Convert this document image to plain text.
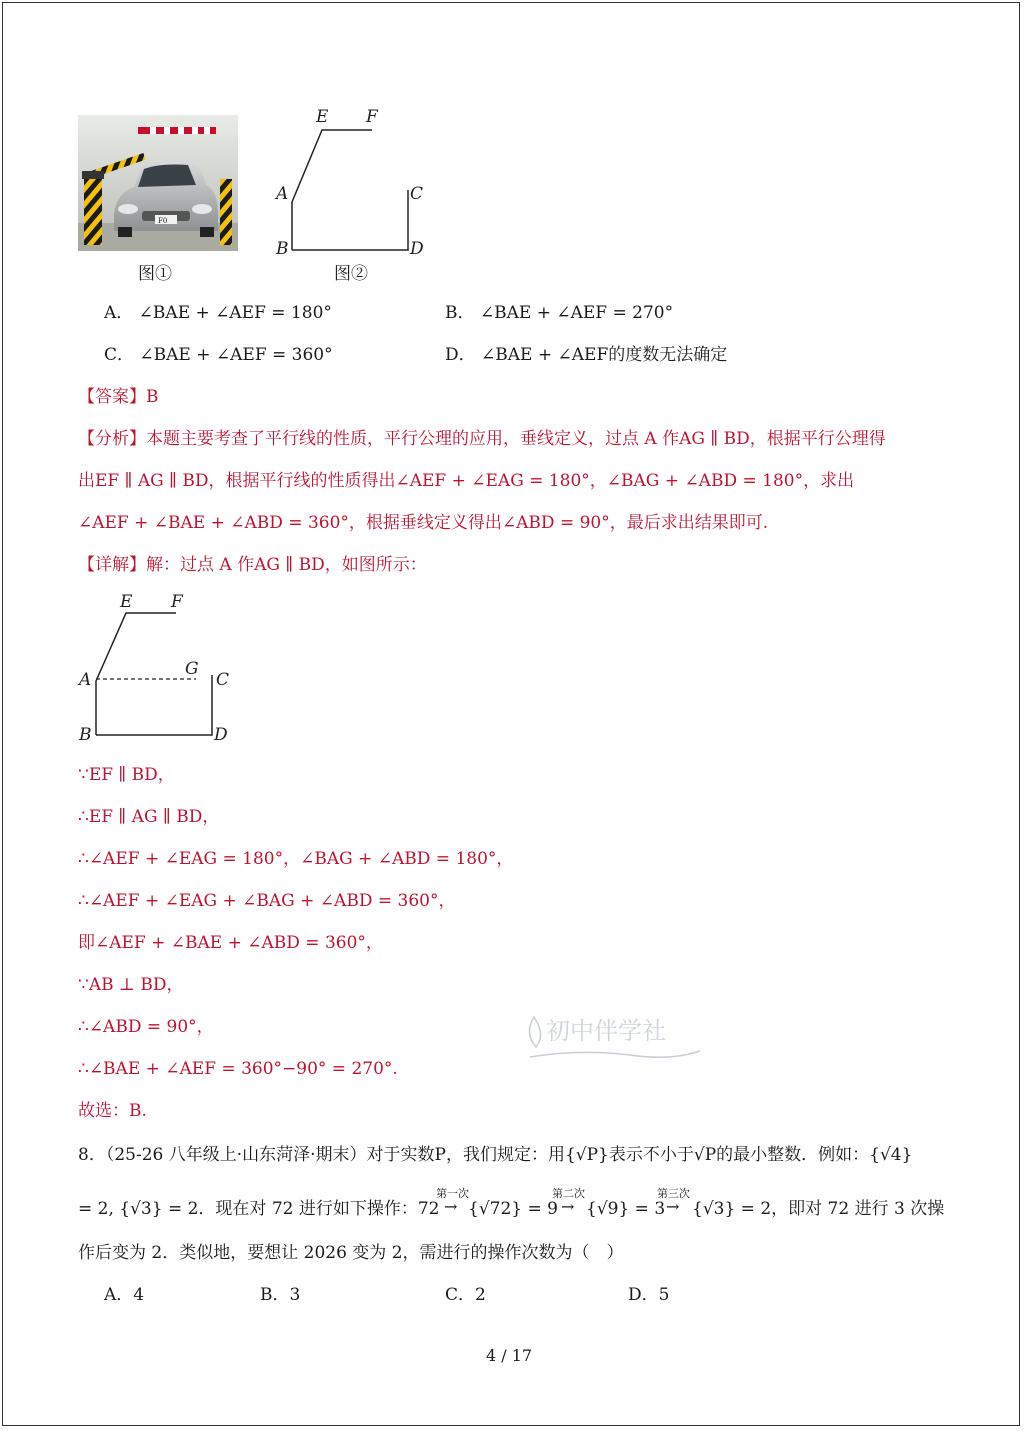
F0
图①
E F
A	C
B	D
图②
A． ∠BAE + ∠AEF = 180°	B． ∠BAE + ∠AEF = 270°
C． ∠BAE + ∠AEF = 360°	D． ∠BAE + ∠AEF的度数无法确定
【答案】B
【分析】本题主要考查了平行线的性质，平行公理的应用，垂线定义，过点 A 作AG ∥ BD，根据平行公理得
出EF ∥ AG ∥ BD，根据平行线的性质得出∠AEF + ∠EAG = 180°，∠BAG + ∠ABD = 180°，求出
∠AEF + ∠BAE + ∠ABD = 360°，根据垂线定义得出∠ABD = 90°，最后求出结果即可.
【详解】解：过点 A 作AG ∥ BD，如图所示：
E F
A
G
C
B	D
∵EF ∥ BD，
∴EF ∥ AG ∥ BD，
∴∠AEF + ∠EAG = 180°，∠BAG + ∠ABD = 180°，
∴∠AEF + ∠EAG + ∠BAG + ∠ABD = 360°，
即∠AEF + ∠BAE + ∠ABD = 360°，
∵AB ⊥ BD，
∴∠ABD = 90°，
∴∠BAE + ∠AEF = 360°−90° = 270°.
故选：B.
初中伴学社
8．（25-26 八年级上·山东菏泽·期末）对于实数P，我们规定：用{√P}表示不小于√P的最小整数．例如：{√4}
= 2, {√3} = 2．现在对 72 进行如下操作：72
第一次
→ {√72} = 9
第二次
→ {√9} = 3
第三次
→ {√3} = 2，即对 72 进行 3 次操
作后变为 2．类似地，要想让 2026 变为 2，需进行的操作次数为（　）
A．4	B．3	C．2	D．5
4 / 17
